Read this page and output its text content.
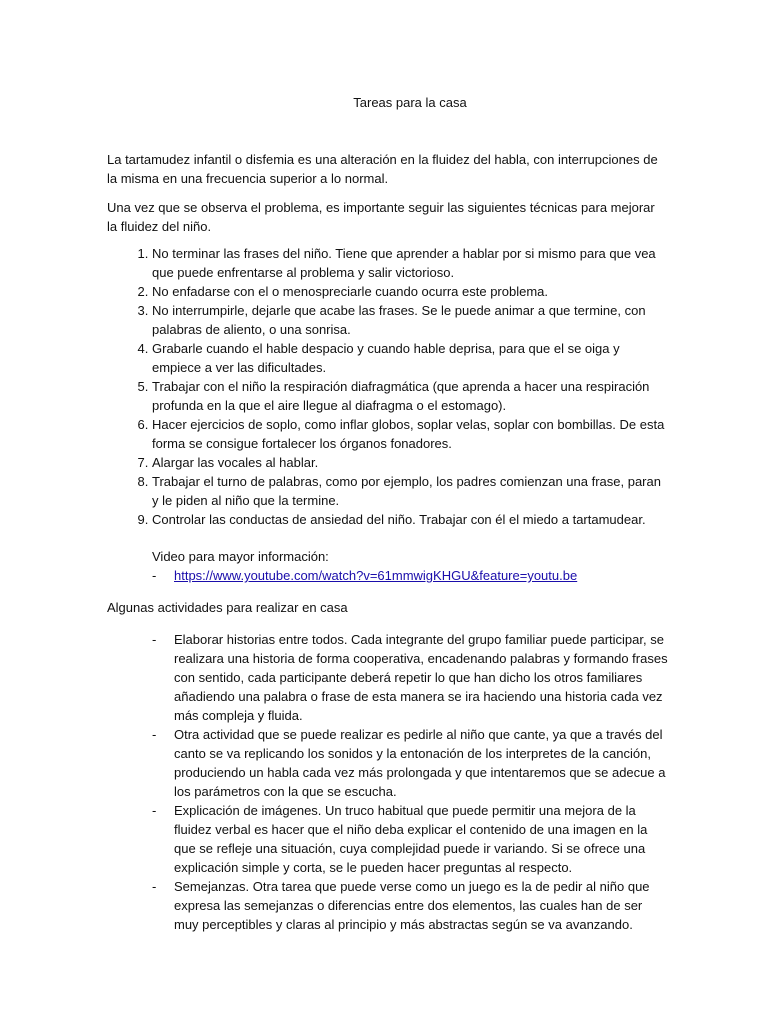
Tareas para la casa

La tartamudez infantil o disfemia es una alteración en la fluidez del habla, con interrupciones de la misma en una frecuencia superior a lo normal.

Una vez que se observa el problema, es importante seguir las siguientes técnicas para mejorar la fluidez del niño.

1. No terminar las frases del niño. Tiene que aprender a hablar por si mismo para que vea que puede enfrentarse al problema y salir victorioso.
2. No enfadarse con el o menospreciarle cuando ocurra este problema.
3. No interrumpirle, dejarle que acabe las frases. Se le puede animar a que termine, con palabras de aliento, o una sonrisa.
4. Grabarle cuando el hable despacio y cuando hable deprisa, para que el se oiga y empiece a ver las dificultades.
5. Trabajar con el niño la respiración diafragmática (que aprenda a hacer una respiración profunda en la que el aire llegue al diafragma o el estomago).
6. Hacer ejercicios de soplo, como inflar globos, soplar velas, soplar con bombillas. De esta forma se consigue fortalecer los órganos fonadores.
7. Alargar las vocales al hablar.
8. Trabajar el turno de palabras, como por ejemplo, los padres comienzan una frase, paran y le piden al niño que la termine.
9. Controlar las conductas de ansiedad del niño. Trabajar con él el miedo a tartamudear.
Video para mayor información:
-	https://www.youtube.com/watch?v=61mmwigKHGU&feature=youtu.be

Algunas actividades para realizar en casa

-	Elaborar historias entre todos. Cada integrante del grupo familiar puede participar, se realizara una historia de forma cooperativa, encadenando palabras y formando frases con sentido, cada participante deberá repetir lo que han dicho los otros familiares añadiendo una palabra o frase de esta manera se ira haciendo una historia cada vez más compleja y fluida.
-	Otra actividad que se puede realizar es pedirle al niño que cante, ya que a través del canto se va replicando los sonidos y la entonación de los interpretes de la canción, produciendo un habla cada vez más prolongada y que intentaremos que se adecue a los parámetros con la que se escucha.
-	Explicación de imágenes. Un truco habitual que puede permitir una mejora de la fluidez verbal es hacer que el niño deba explicar el contenido de una imagen en la que se refleje una situación, cuya complejidad puede ir variando. Si se ofrece una explicación simple y corta, se le pueden hacer preguntas al respecto.
-	Semejanzas. Otra tarea que puede verse como un juego es la de pedir al niño que expresa las semejanzas o diferencias entre dos elementos, las cuales han de ser muy perceptibles y claras al principio y más abstractas según se va avanzando.
